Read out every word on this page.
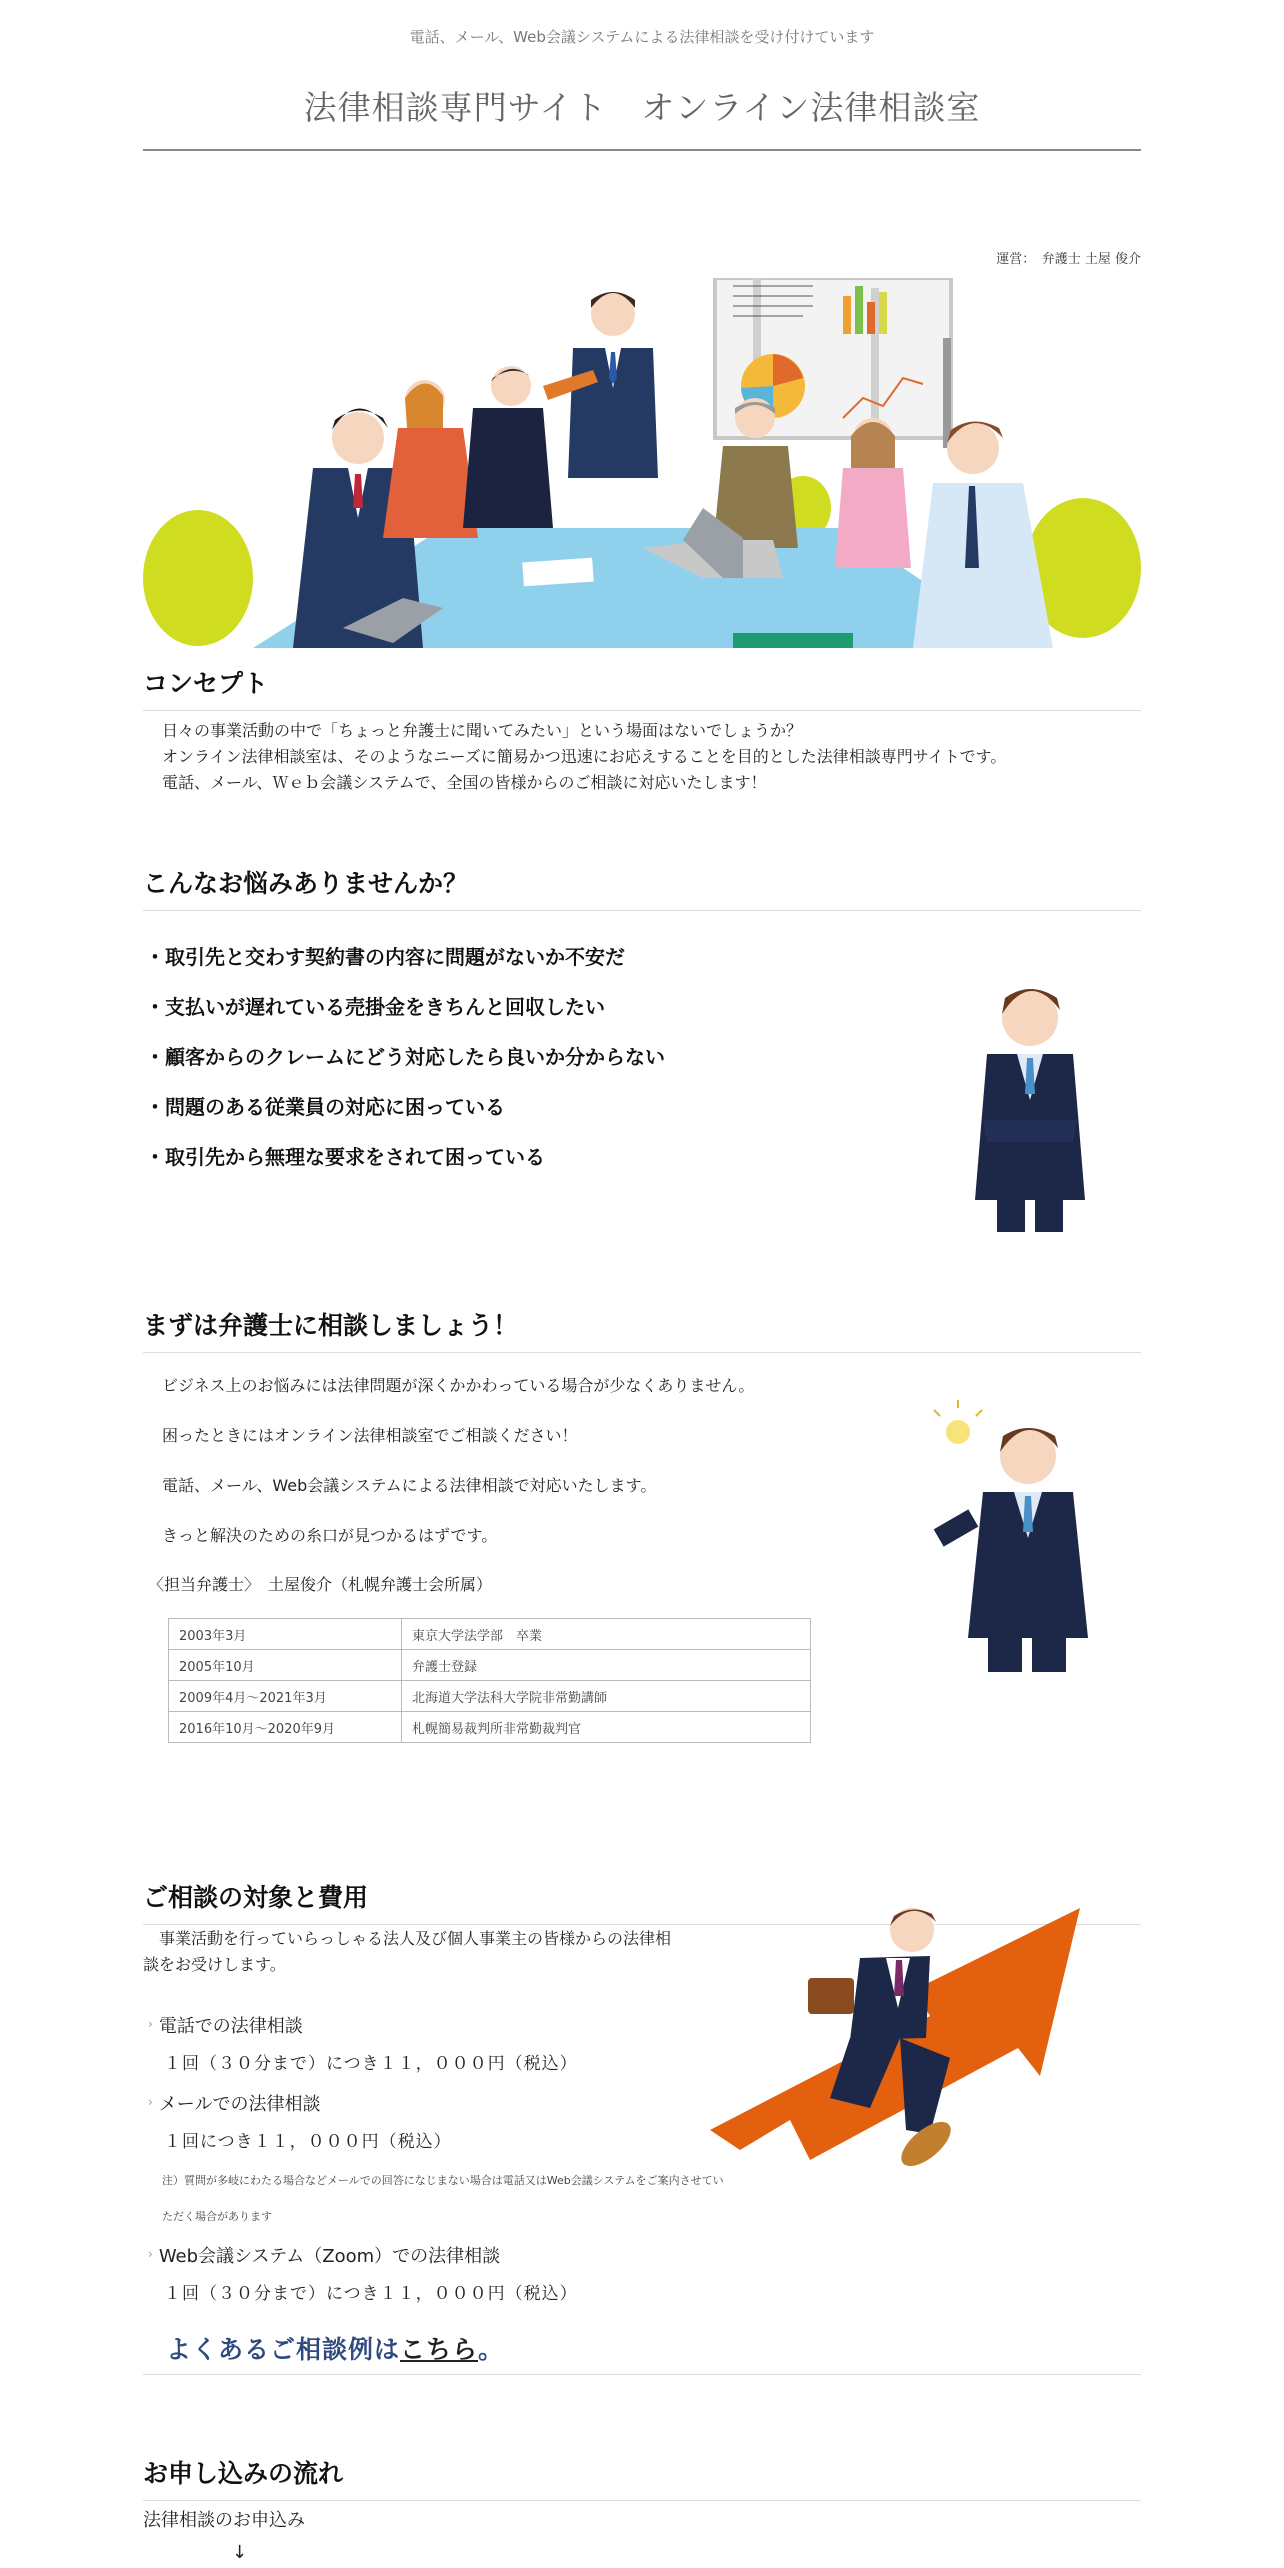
電話、メール、Web会議システムによる法律相談を受け付けています
法律相談専門サイト　オンライン法律相談室
運営：　弁護士 土屋 俊介
コンセプト
日々の事業活動の中で「ちょっと弁護士に聞いてみたい」という場面はないでしょうか？
オンライン法律相談室は、そのようなニーズに簡易かつ迅速にお応えすることを目的とした法律相談専門サイトです。
電話、メール、Ｗｅｂ会議システムで、全国の皆様からのご相談に対応いたします！
こんなお悩みありませんか？
・取引先と交わす契約書の内容に問題がないか不安だ
・支払いが遅れている売掛金をきちんと回収したい
・顧客からのクレームにどう対応したら良いか分からない
・問題のある従業員の対応に困っている
・取引先から無理な要求をされて困っている
まずは弁護士に相談しましょう！
ビジネス上のお悩みには法律問題が深くかかわっている場合が少なくありません。
困ったときにはオンライン法律相談室でご相談ください！
電話、メール、Web会議システムによる法律相談で対応いたします。
きっと解決のための糸口が見つかるはずです。
〈担当弁護士〉　土屋俊介（札幌弁護士会所属）
2003年3月	東京大学法学部　卒業
2005年10月	弁護士登録
2009年4月～2021年3月	北海道大学法科大学院非常勤講師
2016年10月～2020年9月	札幌簡易裁判所非常勤裁判官
ご相談の対象と費用
　事業活動を行っていらっしゃる法人及び個人事業主の皆様からの法律相
談をお受けします。
› 電話での法律相談
１回（３０分まで）につき１１，０００円（税込）
› メールでの法律相談
１回につき１１，０００円（税込）
注）質問が多岐にわたる場合などメールでの回答になじまない場合は電話又はWeb会議システムをご案内させてい
ただく場合があります
› Web会議システム（Zoom）での法律相談
１回（３０分まで）につき１１，０００円（税込）
よくあるご相談例はこちら。
お申し込みの流れ
法律相談のお申込み
↓
